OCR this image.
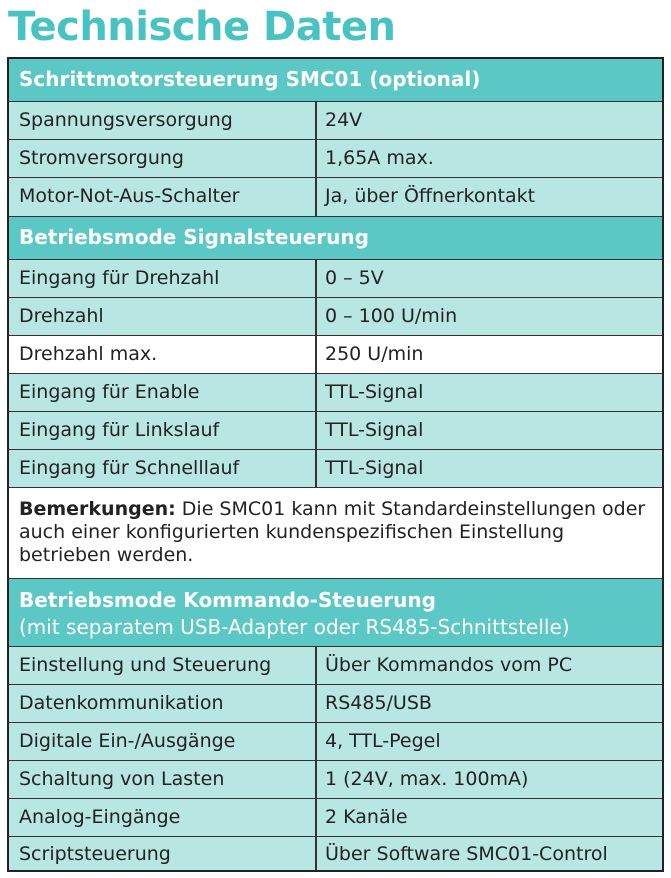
Technische Daten
Schrittmotorsteuerung SMC01 (optional)
Spannungsversorgung	24V
Stromversorgung	1,65A max.
Motor-Not-Aus-Schalter	Ja, über Öffnerkontakt
Betriebsmode Signalsteuerung
Eingang für Drehzahl	0 – 5V
Drehzahl	0 – 100 U/min
Drehzahl max.	250 U/min
Eingang für Enable	TTL-Signal
Eingang für Linkslauf	TTL-Signal
Eingang für Schnelllauf	TTL-Signal
Bemerkungen: Die SMC01 kann mit Standardeinstellungen oder auch einer konfigurierten kundenspezifischen Einstellung betrieben werden.
Betriebsmode Kommando-Steuerung
(mit separatem USB-Adapter oder RS485-Schnittstelle)
Einstellung und Steuerung	Über Kommandos vom PC
Datenkommunikation	RS485/USB
Digitale Ein-/Ausgänge	4, TTL-Pegel
Schaltung von Lasten	1 (24V, max. 100mA)
Analog-Eingänge	2 Kanäle
Scriptsteuerung	Über Software SMC01-Control
